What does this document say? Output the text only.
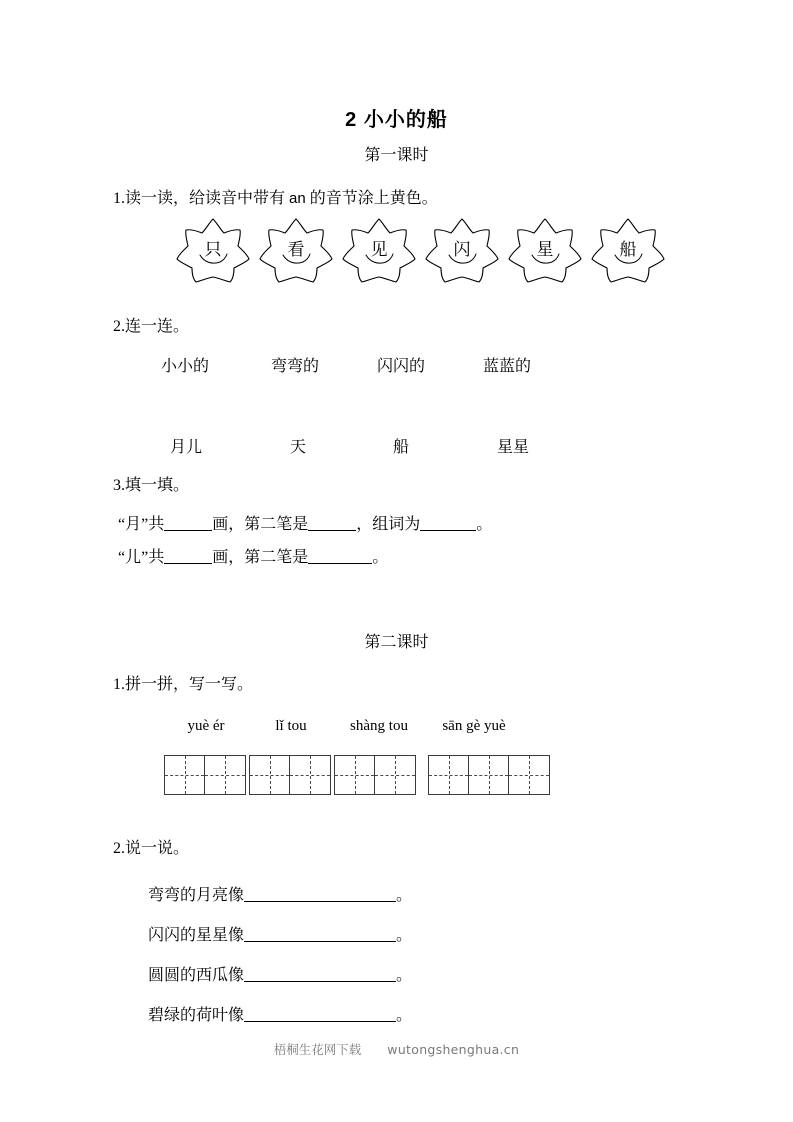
2 小小的船
第一课时
1.读一读，给读音中带有 an 的音节涂上黄色。
只	看	见	闪	星	船
2.连一连。
小小的	弯弯的	闪闪的	蓝蓝的
月儿	天	船	星星
3.填一填。
“月”共	画，第二笔是	，组词为	。
“儿”共	画，第二笔是	。
第二课时
1.拼一拼，写一写。
yuè ér	lǐ tou	shàng tou	sān gè yuè
2.说一说。
弯弯的月亮像	。
闪闪的星星像	。
圆圆的西瓜像	。
碧绿的荷叶像	。
梧桐生花网下载 wutongshenghua.cn
